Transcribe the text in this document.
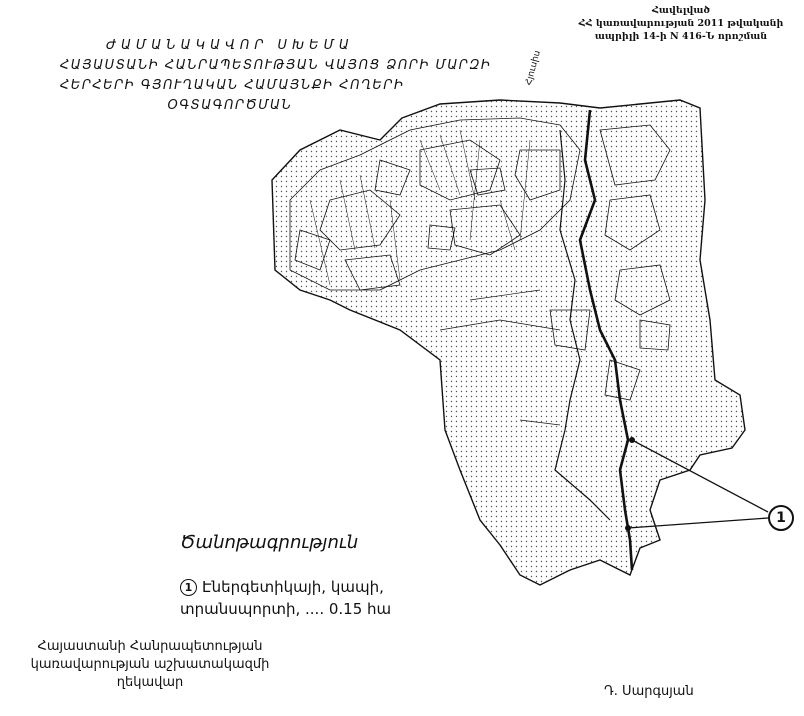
Հավելված
ՀՀ կառավարության 2011 թվականի
ապրիլի 14-ի N 416-Ն որոշման
ԺԱՄԱՆԱԿԱՎՈՐ ՍԽԵՄԱ
ՀԱՅԱՍՏԱՆԻ ՀԱՆՐԱՊԵՏՈՒԹՅԱՆ ՎԱՅՈՑ ՁՈՐԻ ՄԱՐԶԻ
ՀԵՐՀԵՐԻ ԳՅՈՒՂԱԿԱՆ ՀԱՄԱՅՆՔԻ ՀՈՂԵՐԻ
ՕԳՏԱԳՈՐԾՄԱՆ
Հյուսիս
1
Ծանոթագրություն
1 Էներգետիկայի, կապի,
տրանսպորտի, .... 0.15 հա
Հայաստանի Հանրապետության
կառավարության աշխատակազմի
ղեկավար
Դ. Սարգսյան
